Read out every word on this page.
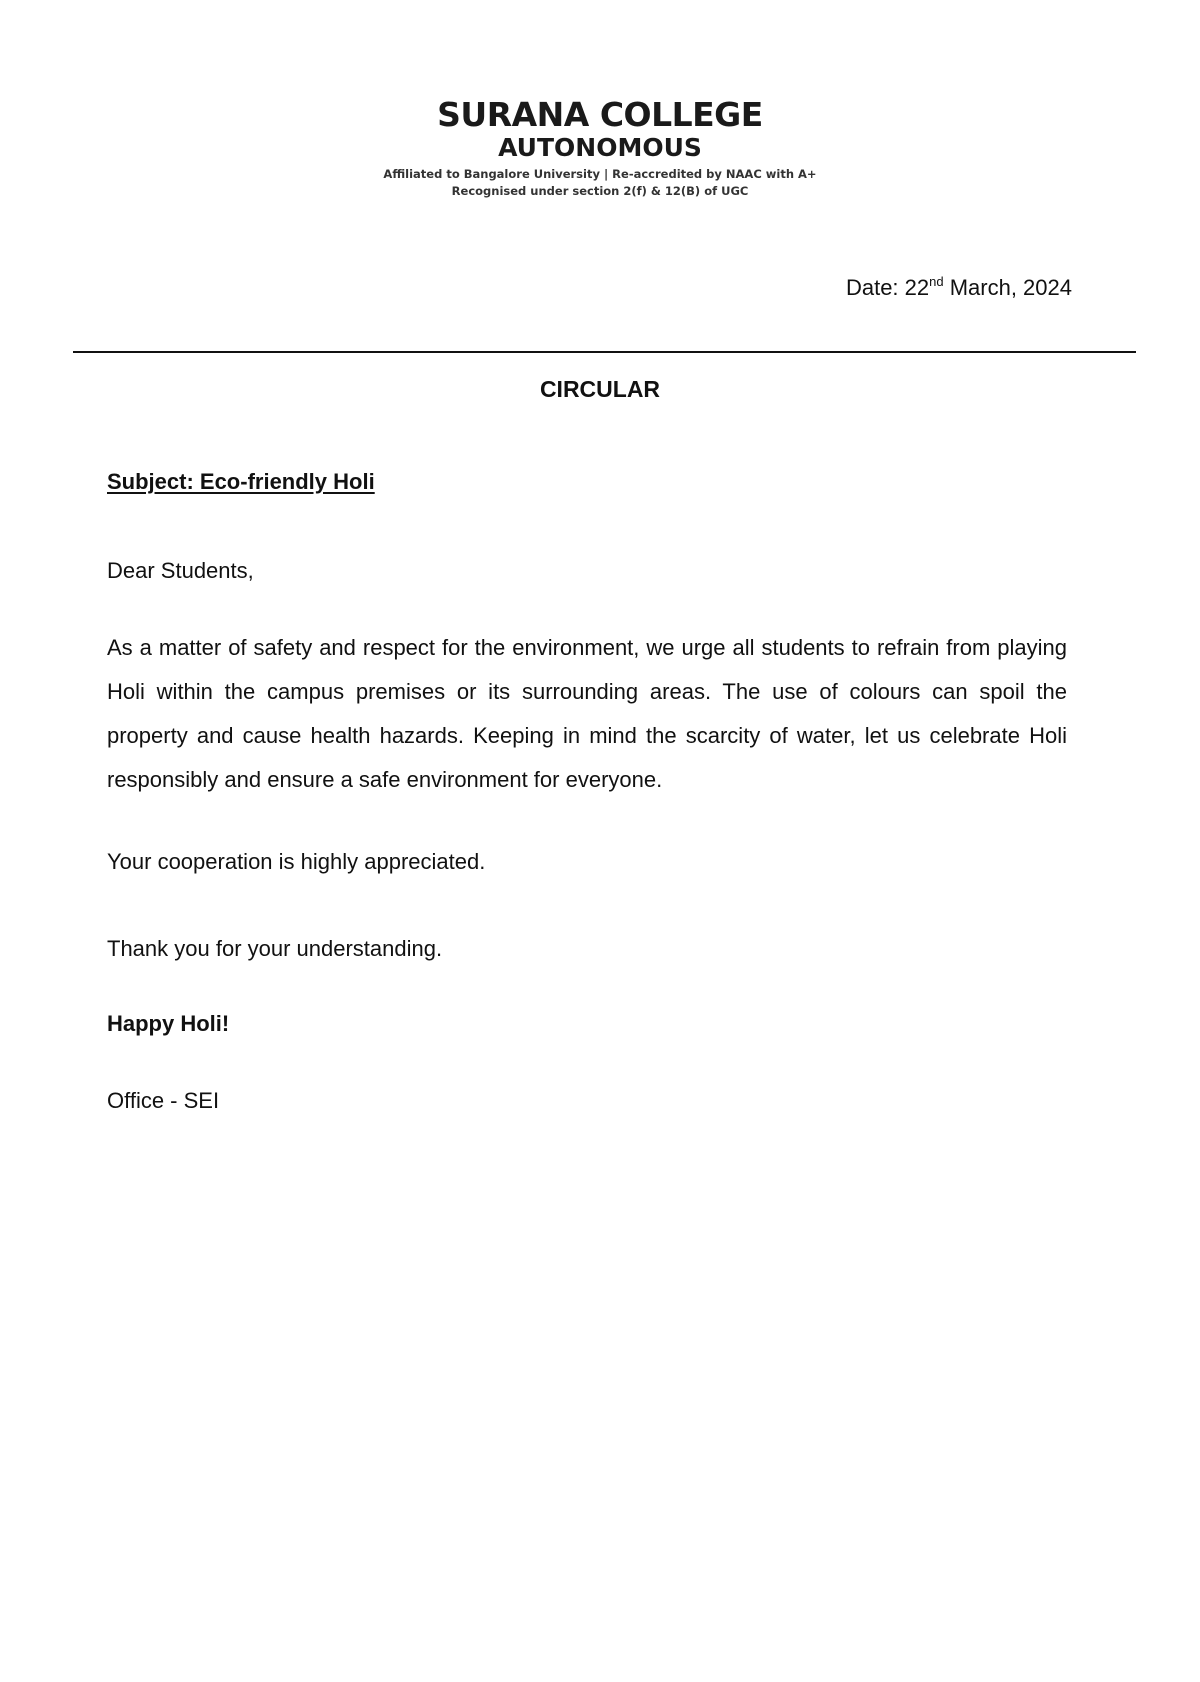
SURANA COLLEGE
AUTONOMOUS
Affiliated to Bangalore University | Re-accredited by NAAC with A+
Recognised under section 2(f) & 12(B) of UGC
Date: 22nd March, 2024
CIRCULAR

Subject: Eco-friendly Holi

Dear Students,

As a matter of safety and respect for the environment, we urge all students to refrain from playing Holi within the campus premises or its surrounding areas. The use of colours can spoil the property and cause health hazards. Keeping in mind the scarcity of water, let us celebrate Holi responsibly and ensure a safe environment for everyone.

Your cooperation is highly appreciated.

Thank you for your understanding.

Happy Holi!

Office - SEI
